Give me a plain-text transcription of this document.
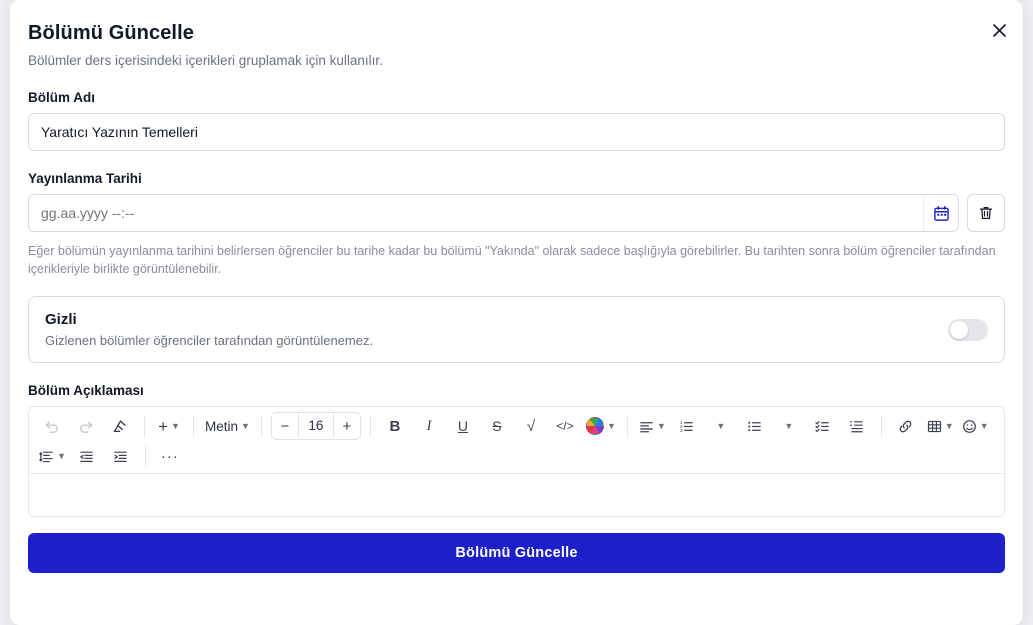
Bölümü Güncelle

Bölümler ders içerisindeki içerikleri gruplamak için kullanılır.

Bölüm Adı
Yaratıcı Yazının Temelleri
Yayınlanma Tarihi
gg.aa.yyyy --:--

Eğer bölümün yayınlanma tarihini belirlersen öğrenciler bu tarihe kadar bu bölümü "Yakında" olarak sadece başlığıyla görebilirler. Bu tarihten sonra bölüm öğrenciler tarafından içerikleriyle birlikte görüntülenebilir.

Gizli
Gizlenen bölümler öğrenciler tarafından görüntülenemez.
Bölüm Açıklaması
+ ▼ Metin ▼	−	16	+	B	I	U	S	√	</>	▼	▼	1
2
3	▼	▼	▼	▼
▼	···
Bölümü Güncelle
